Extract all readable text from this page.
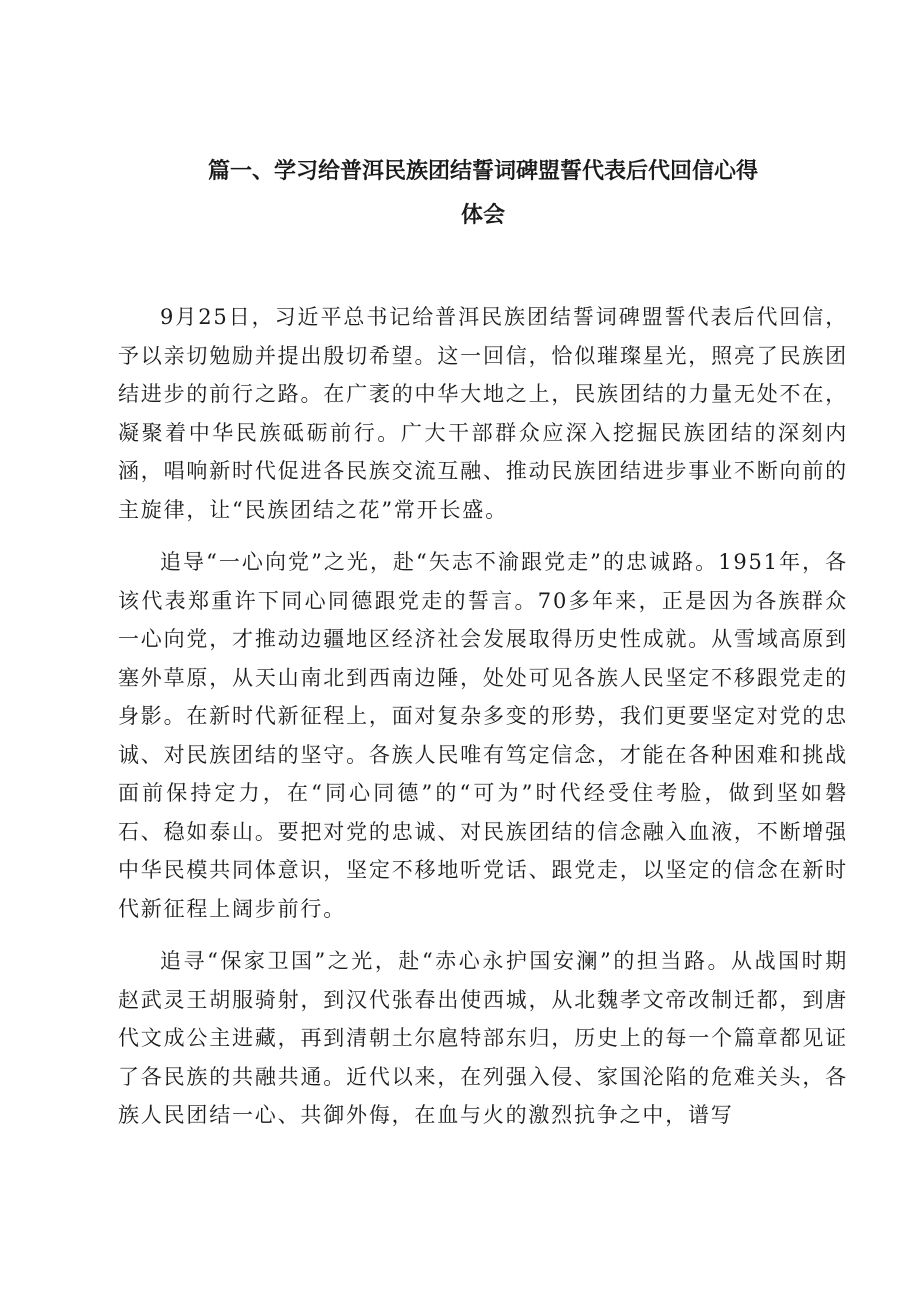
篇一、学习给普洱民族团结誓词碑盟誓代表后代回信心得
体会

9月25日，习近平总书记给普洱民族团结誓词碑盟誓代表后代回信，予以亲切勉励并提出殷切希望。这一回信，恰似璀璨星光，照亮了民族团结进步的前行之路。在广袤的中华大地之上，民族团结的力量无处不在，凝聚着中华民族砥砺前行。广大干部群众应深入挖掘民族团结的深刻内涵，唱响新时代促进各民族交流互融、推动民族团结进步事业不断向前的主旋律，让“民族团结之花”常开长盛。

追导“一心向党”之光，赴“矢志不渝跟党走”的忠诚路。1951年，各该代表郑重许下同心同德跟党走的誓言。70多年来，正是因为各族群众一心向党，才推动边疆地区经济社会发展取得历史性成就。从雪域高原到塞外草原，从天山南北到西南边陲，处处可见各族人民坚定不移跟党走的身影。在新时代新征程上，面对复杂多变的形势，我们更要坚定对党的忠诚、对民族团结的坚守。各族人民唯有笃定信念，才能在各种困难和挑战面前保持定力，在“同心同德”的“可为”时代经受住考脸，做到坚如磐石、稳如泰山。要把对党的忠诚、对民族团结的信念融入血液，不断增强中华民模共同体意识，坚定不移地听党话、跟党走，以坚定的信念在新时代新征程上阔步前行。

追寻“保家卫国”之光，赴“赤心永护国安澜”的担当路。从战国时期赵武灵王胡服骑射，到汉代张春出使西城，从北魏孝文帝改制迁都，到唐代文成公主进藏，再到清朝土尔扈特部东归，历史上的每一个篇章都见证了各民族的共融共通。近代以来，在列强入侵、家国沦陷的危难关头，各族人民团结一心、共御外侮，在血与火的激烈抗争之中，谱写
